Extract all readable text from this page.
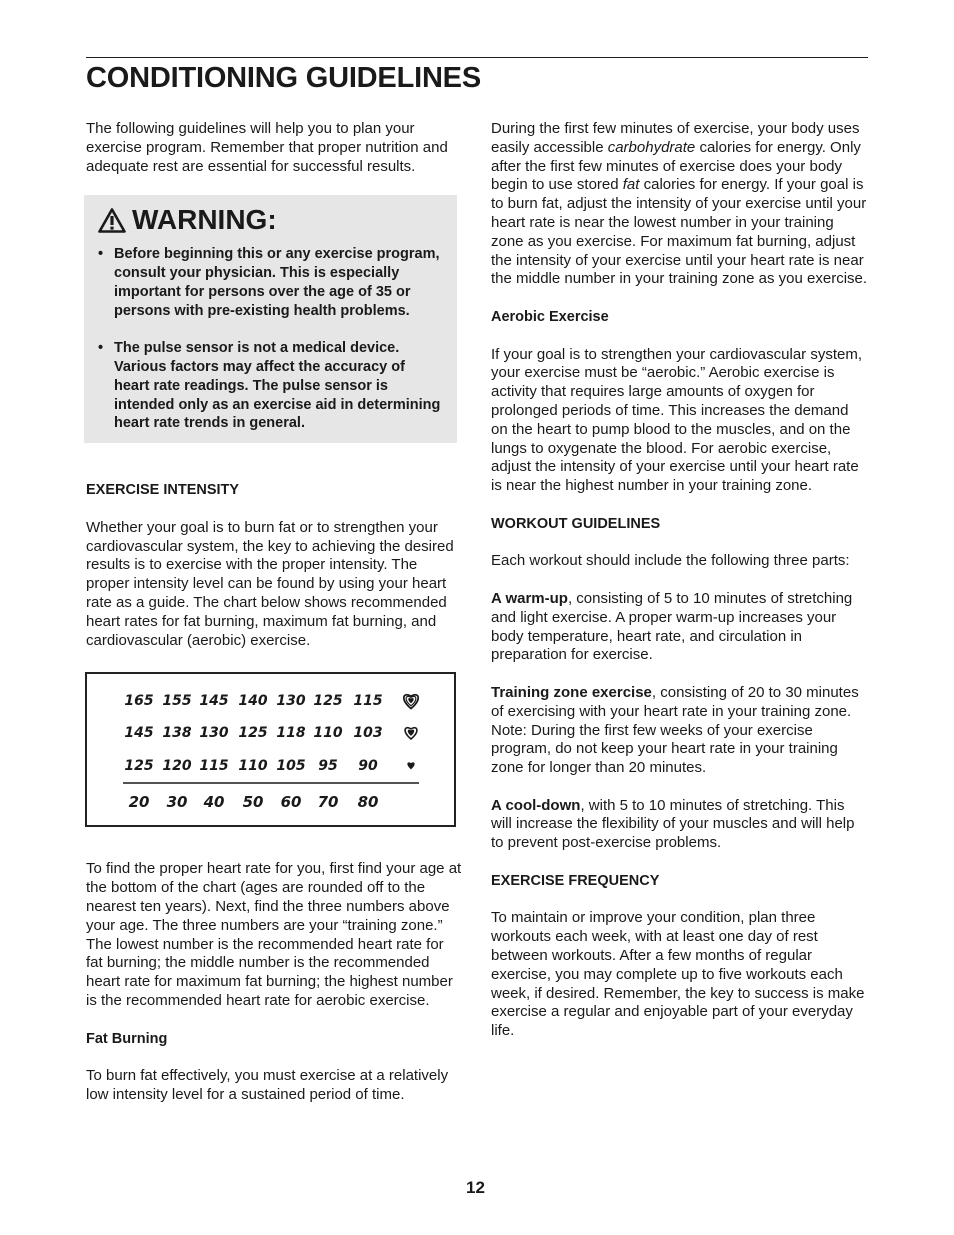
CONDITIONING GUIDELINES

The following guidelines will help you to plan your exercise program. Remember that proper nutrition and adequate rest are essential for successful results.

WARNING:
• Before beginning this or any exercise program, consult your physician. This is especially important for persons over the age of 35 or persons with pre-existing health problems.
• The pulse sensor is not a medical device. Various factors may affect the accuracy of heart rate readings. The pulse sensor is intended only as an exercise aid in determining heart rate trends in general.
EXERCISE INTENSITY

Whether your goal is to burn fat or to strengthen your cardiovascular system, the key to achieving the desired results is to exercise with the proper intensity. The proper intensity level can be found by using your heart rate as a guide. The chart below shows recommended heart rates for fat burning, maximum fat burning, and cardiovascular (aerobic) exercise.

165 155 145 140 130 125 115
145 138 130 125 118 110 103
125 120 115 110 105 95 90
20 30 40 50 60 70 80

To find the proper heart rate for you, first find your age at the bottom of the chart (ages are rounded off to the nearest ten years). Next, find the three numbers above your age. The three numbers are your “training zone.” The lowest number is the recommended heart rate for fat burning; the middle number is the recommended heart rate for maximum fat burning; the highest number is the recommended heart rate for aerobic exercise.

Fat Burning

To burn fat effectively, you must exercise at a relatively low intensity level for a sustained period of time.

During the first few minutes of exercise, your body uses easily accessible carbohydrate calories for energy. Only after the first few minutes of exercise does your body begin to use stored fat calories for energy. If your goal is to burn fat, adjust the intensity of your exercise until your heart rate is near the lowest number in your training zone as you exercise. For maximum fat burning, adjust the intensity of your exercise until your heart rate is near the middle number in your training zone as you exercise.

Aerobic Exercise

If your goal is to strengthen your cardiovascular system, your exercise must be “aerobic.” Aerobic exercise is activity that requires large amounts of oxygen for prolonged periods of time. This increases the demand on the heart to pump blood to the muscles, and on the lungs to oxygenate the blood. For aerobic exercise, adjust the intensity of your exercise until your heart rate is near the highest number in your training zone.

WORKOUT GUIDELINES

Each workout should include the following three parts:

A warm-up, consisting of 5 to 10 minutes of stretching and light exercise. A proper warm-up increases your body temperature, heart rate, and circulation in preparation for exercise.

Training zone exercise, consisting of 20 to 30 minutes of exercising with your heart rate in your training zone. Note: During the first few weeks of your exercise program, do not keep your heart rate in your training zone for longer than 20 minutes.

A cool-down, with 5 to 10 minutes of stretching. This will increase the flexibility of your muscles and will help to prevent post-exercise problems.

EXERCISE FREQUENCY

To maintain or improve your condition, plan three workouts each week, with at least one day of rest between workouts. After a few months of regular exercise, you may complete up to five workouts each week, if desired. Remember, the key to success is make exercise a regular and enjoyable part of your everyday life.

12
